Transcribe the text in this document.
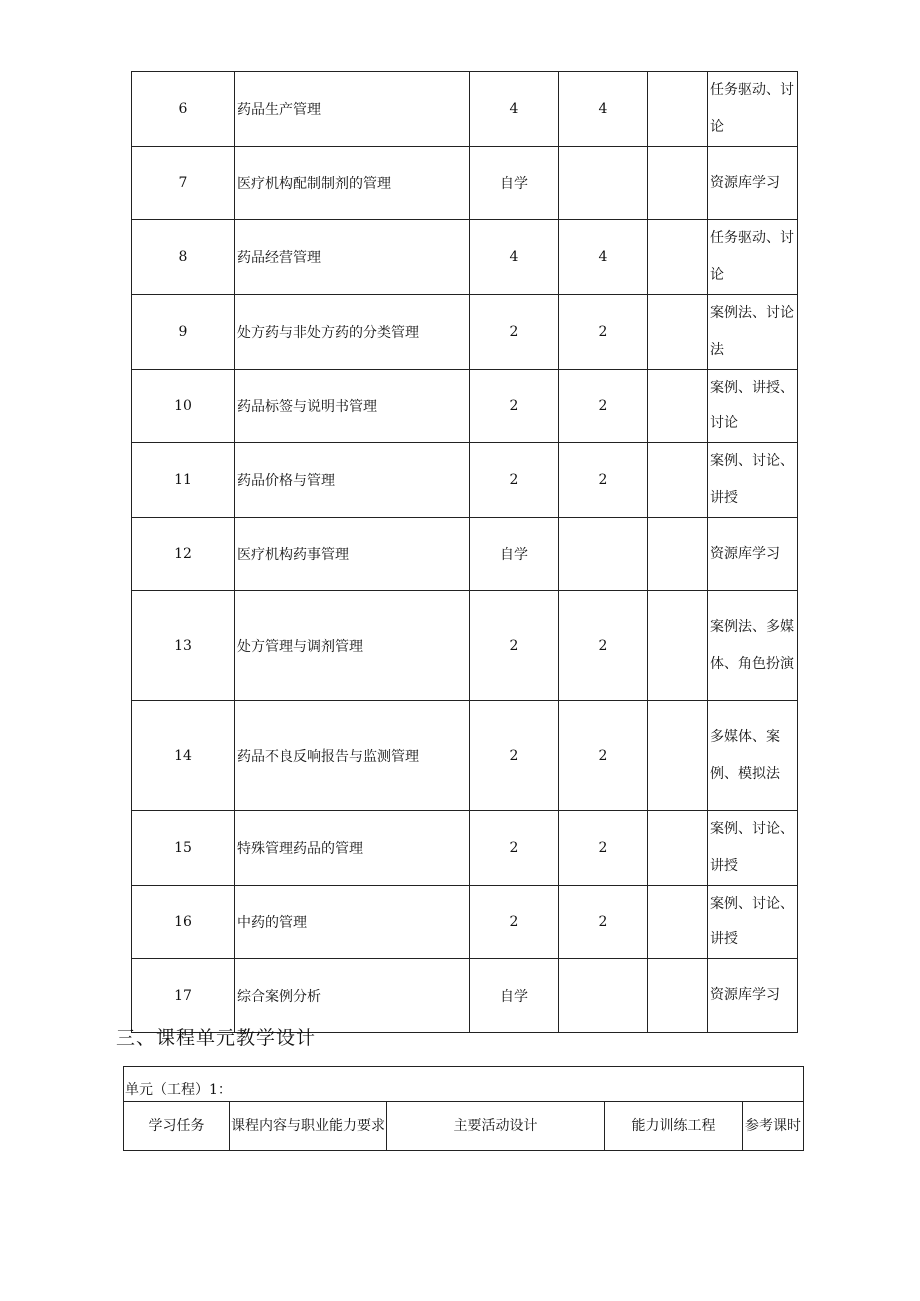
6	药品生产管理	4	4		任务驱动、讨论

7	医疗机构配制制剂的管理	自学			资源库学习

8	药品经营管理	4	4		任务驱动、讨论

9	处方药与非处方药的分类管理	2	2		案例法、讨论法

10	药品标签与说明书管理	2	2		案例、讲授、讨论

11	药品价格与管理	2	2		案例、讨论、讲授

12	医疗机构药事管理	自学			资源库学习

13	处方管理与调剂管理	2	2		案例法、多媒体、角色扮演

14	药品不良反响报告与监测管理	2	2		多媒体、案例、模拟法

15	特殊管理药品的管理	2	2		案例、讨论、讲授

16	中药的管理	2	2		案例、讨论、讲授

17	综合案例分析	自学			资源库学习
三、课程单元教学设计
单元（工程）1：
学习任务	课程内容与职业能力要求	主要活动设计	能力训练工程	参考课时
